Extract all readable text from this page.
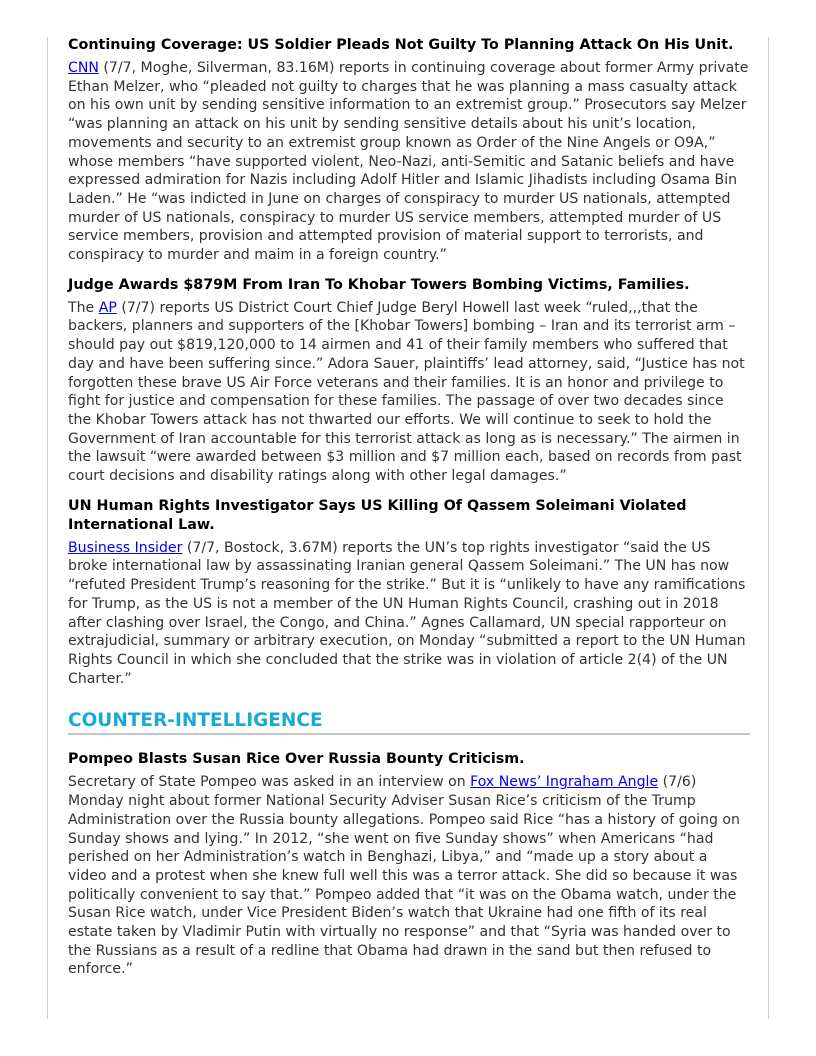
Continuing Coverage: US Soldier Pleads Not Guilty To Planning Attack On His Unit.

CNN (7/7, Moghe, Silverman, 83.16M) reports in continuing coverage about former Army private Ethan Melzer, who “pleaded not guilty to charges that he was planning a mass casualty attack on his own unit by sending sensitive information to an extremist group.” Prosecutors say Melzer “was planning an attack on his unit by sending sensitive details about his unit’s location, movements and security to an extremist group known as Order of the Nine Angels or O9A,” whose members “have supported violent, Neo-Nazi, anti-Semitic and Satanic beliefs and have expressed admiration for Nazis including Adolf Hitler and Islamic Jihadists including Osama Bin Laden.” He “was indicted in June on charges of conspiracy to murder US nationals, attempted murder of US nationals, conspiracy to murder US service members, attempted murder of US service members, provision and attempted provision of material support to terrorists, and conspiracy to murder and maim in a foreign country.”

Judge Awards $879M From Iran To Khobar Towers Bombing Victims, Families.

The AP (7/7) reports US District Court Chief Judge Beryl Howell last week “ruled,,,that the backers, planners and supporters of the [Khobar Towers] bombing – Iran and its terrorist arm – should pay out $819,120,000 to 14 airmen and 41 of their family members who suffered that day and have been suffering since.” Adora Sauer, plaintiffs’ lead attorney, said, “Justice has not forgotten these brave US Air Force veterans and their families. It is an honor and privilege to fight for justice and compensation for these families. The passage of over two decades since the Khobar Towers attack has not thwarted our efforts. We will continue to seek to hold the Government of Iran accountable for this terrorist attack as long as is necessary.” The airmen in the lawsuit “were awarded between $3 million and $7 million each, based on records from past court decisions and disability ratings along with other legal damages.”

UN Human Rights Investigator Says US Killing Of Qassem Soleimani Violated International Law.

Business Insider (7/7, Bostock, 3.67M) reports the UN’s top rights investigator “said the US broke international law by assassinating Iranian general Qassem Soleimani.” The UN has now “refuted President Trump’s reasoning for the strike.” But it is “unlikely to have any ramifications for Trump, as the US is not a member of the UN Human Rights Council, crashing out in 2018 after clashing over Israel, the Congo, and China.” Agnes Callamard, UN special rapporteur on extrajudicial, summary or arbitrary execution, on Monday “submitted a report to the UN Human Rights Council in which she concluded that the strike was in violation of article 2(4) of the UN Charter.”

COUNTER-INTELLIGENCE
Pompeo Blasts Susan Rice Over Russia Bounty Criticism.

Secretary of State Pompeo was asked in an interview on Fox News’ Ingraham Angle (7/6) Monday night about former National Security Adviser Susan Rice’s criticism of the Trump Administration over the Russia bounty allegations. Pompeo said Rice “has a history of going on Sunday shows and lying.” In 2012, “she went on five Sunday shows” when Americans “had perished on her Administration’s watch in Benghazi, Libya,” and “made up a story about a video and a protest when she knew full well this was a terror attack. She did so because it was politically convenient to say that.” Pompeo added that “it was on the Obama watch, under the Susan Rice watch, under Vice President Biden’s watch that Ukraine had one fifth of its real estate taken by Vladimir Putin with virtually no response” and that “Syria was handed over to the Russians as a result of a redline that Obama had drawn in the sand but then refused to enforce.”
